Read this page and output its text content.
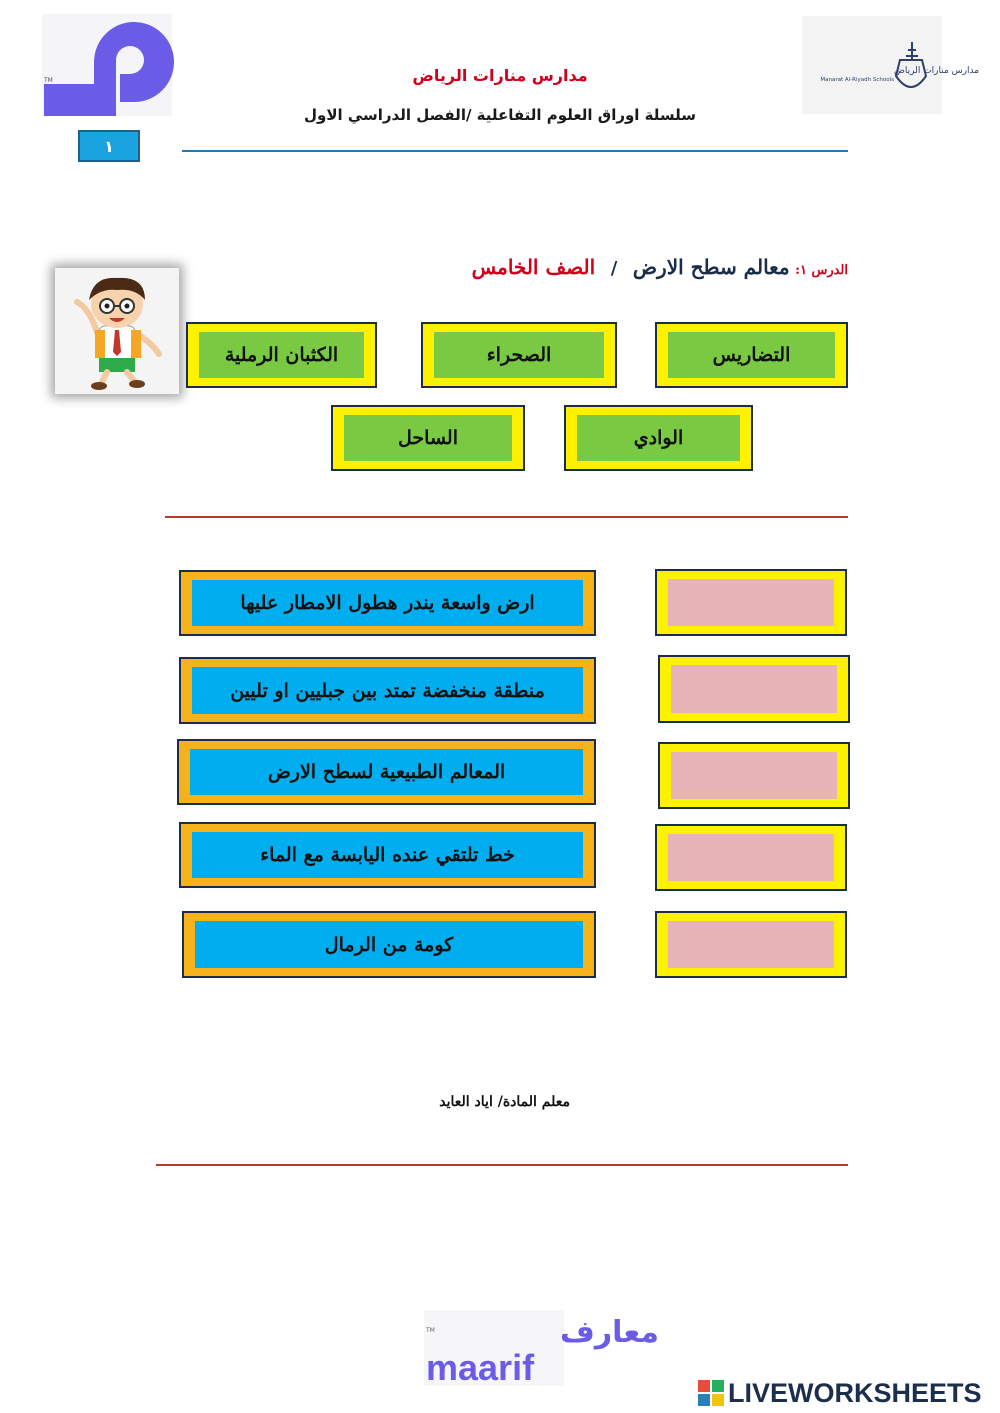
TM
مدارس منارات الرياض
Manarat Al-Riyadh Schools
مدارس منارات الرياض
سلسلة اوراق العلوم التفاعلية /الفصل الدراسي الاول
١
الدرس ١: معالم سطح الارض / الصف الخامس
التضاريس
الصحراء
الكثبان الرملية
الوادي
الساحل
ارض واسعة يندر هطول الامطار عليها
منطقة منخفضة تمتد بين جبليين او تليين
المعالم الطبيعية لسطح الارض
خط تلتقي عنده اليابسة مع الماء
كومة من الرمال
معلم المادة/ اياد العايد
معارف
maarif
TM
LIVEWORKSHEETS
